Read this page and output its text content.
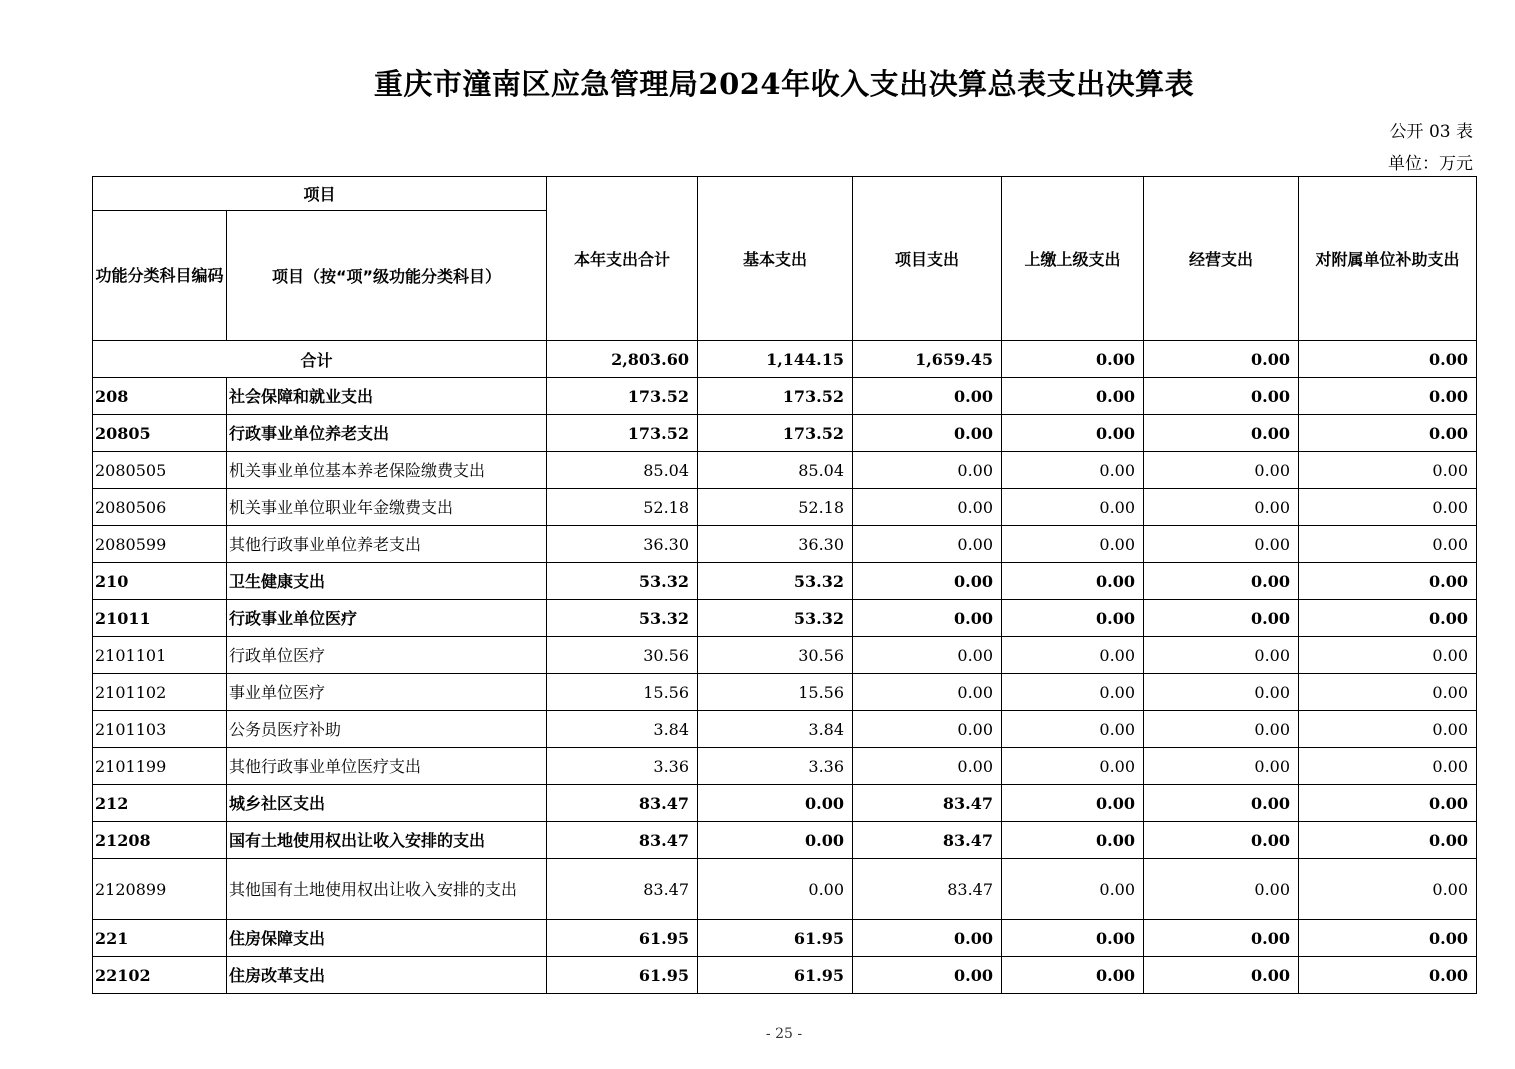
重庆市潼南区应急管理局2024年收入支出决算总表支出决算表
公开 03 表
单位：万元
项目		本年支出合计	基本支出	项目支出	上缴上级支出	经营支出	对附属单位补助支出
功能分类科目编码	项目（按“项”级功能分类科目）						
合计		2,803.60	1,144.15	1,659.45	0.00	0.00	0.00
208	社会保障和就业支出	173.52	173.52	0.00	0.00	0.00	0.00
20805	行政事业单位养老支出	173.52	173.52	0.00	0.00	0.00	0.00
2080505	机关事业单位基本养老保险缴费支出	85.04	85.04	0.00	0.00	0.00	0.00
2080506	机关事业单位职业年金缴费支出	52.18	52.18	0.00	0.00	0.00	0.00
2080599	其他行政事业单位养老支出	36.30	36.30	0.00	0.00	0.00	0.00
210	卫生健康支出	53.32	53.32	0.00	0.00	0.00	0.00
21011	行政事业单位医疗	53.32	53.32	0.00	0.00	0.00	0.00
2101101	行政单位医疗	30.56	30.56	0.00	0.00	0.00	0.00
2101102	事业单位医疗	15.56	15.56	0.00	0.00	0.00	0.00
2101103	公务员医疗补助	3.84	3.84	0.00	0.00	0.00	0.00
2101199	其他行政事业单位医疗支出	3.36	3.36	0.00	0.00	0.00	0.00
212	城乡社区支出	83.47	0.00	83.47	0.00	0.00	0.00
21208	国有土地使用权出让收入安排的支出	83.47	0.00	83.47	0.00	0.00	0.00
2120899	其他国有土地使用权出让收入安排的支出	83.47	0.00	83.47	0.00	0.00	0.00
221	住房保障支出	61.95	61.95	0.00	0.00	0.00	0.00
22102	住房改革支出	61.95	61.95	0.00	0.00	0.00	0.00
- 25 -
